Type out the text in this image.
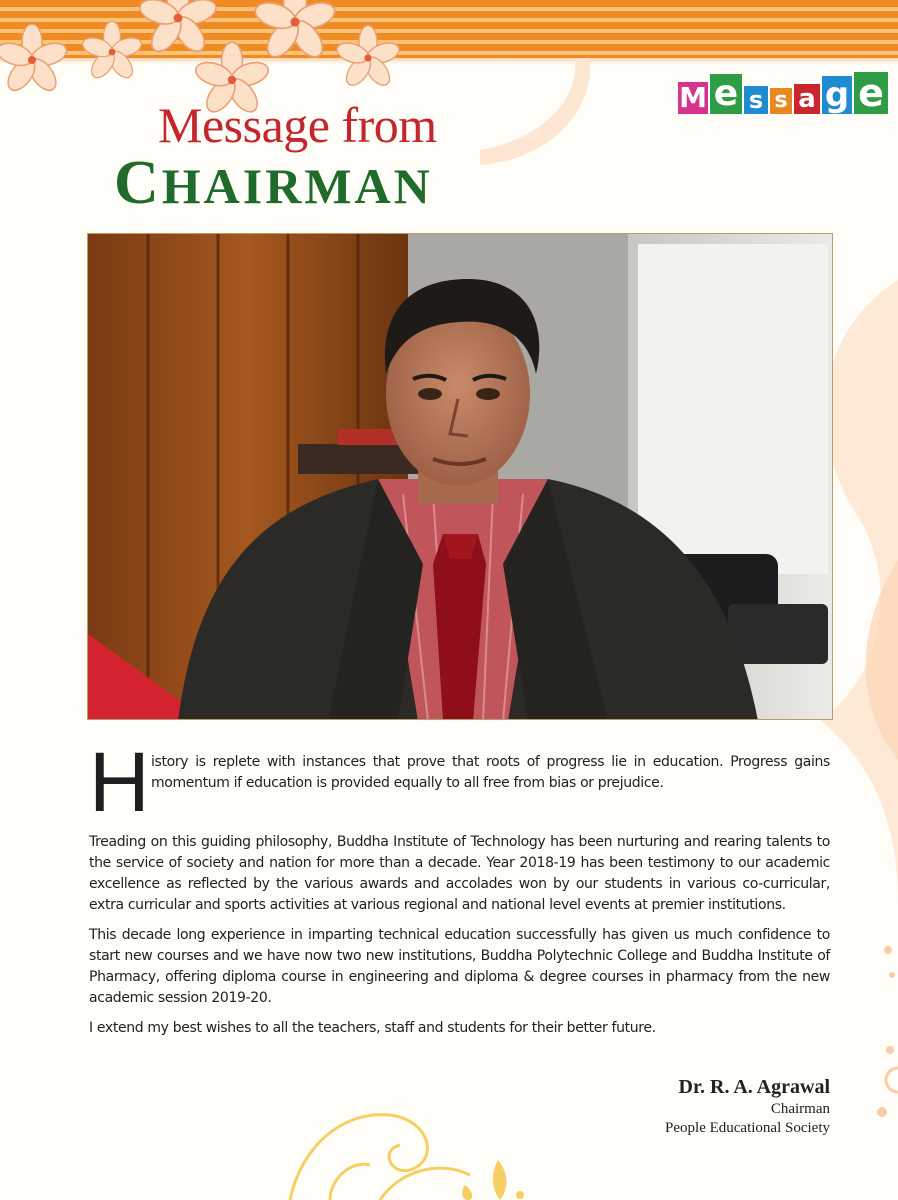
M e s s a g e
Message from
CHAIRMAN

H istory is replete with instances that prove that roots of progress lie in education. Progress gains momentum if education is provided equally to all free from bias or prejudice.

Treading on this guiding philosophy, Buddha Institute of Technology has been nurturing and rearing talents to the service of society and nation for more than a decade. Year 2018-19 has been testimony to our academic excellence as reflected by the various awards and accolades won by our students in various co-curricular, extra curricular and sports activities at various regional and national level events at premier institutions.

This decade long experience in imparting technical education successfully has given us much confidence to start new courses and we have now two new institutions, Buddha Polytechnic College and Buddha Institute of Pharmacy, offering diploma course in engineering and diploma & degree courses in pharmacy from the new academic session 2019-20.

I extend my best wishes to all the teachers, staff and students for their better future.

Dr. R. A. Agrawal
Chairman
People Educational Society
